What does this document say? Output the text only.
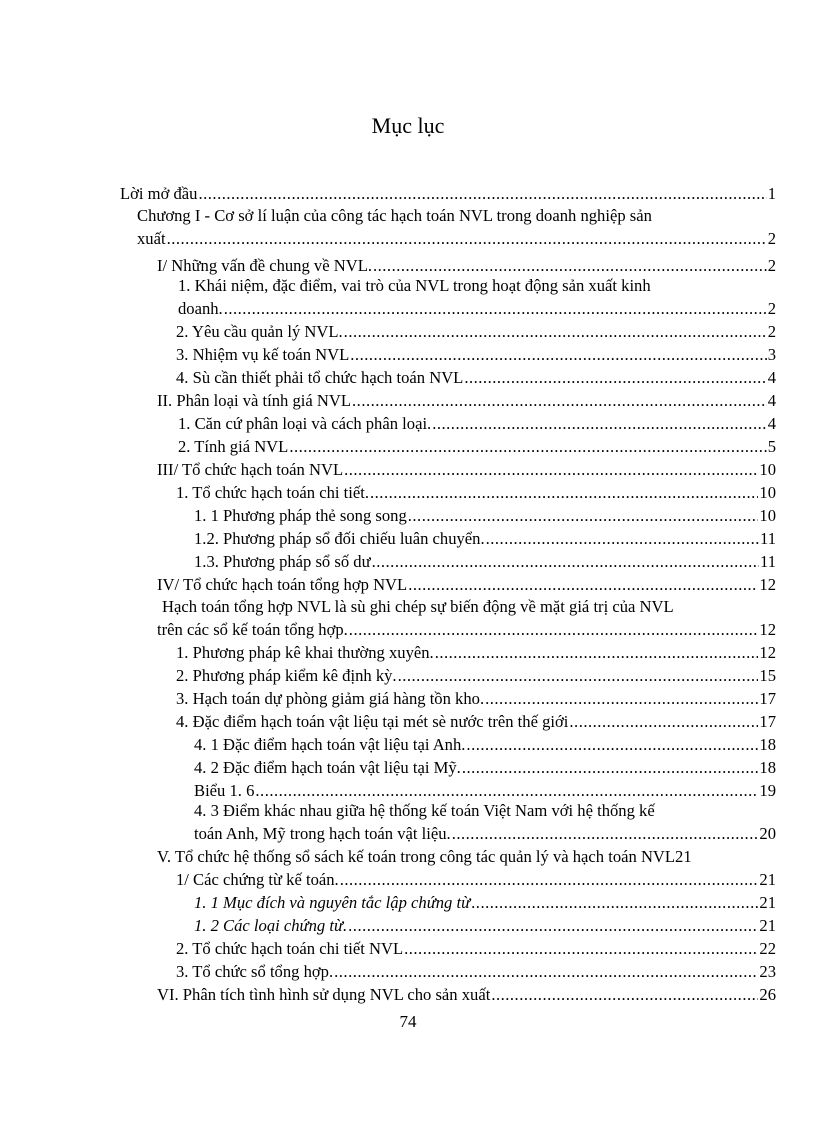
Mục lục
Lời mở đầu .....	1
Chương I - Cơ sở lí luận của công tác hạch toán NVL trong doanh nghiệp sản
xuất .....	2
I/ Những vấn đề chung về NVL. .....	2
1. Khái niệm, đặc điểm, vai trò của NVL trong hoạt động sản xuất kinh
doanh. .....	2
2. Yêu cầu quản lý NVL. .....	2
3. Nhiệm vụ kế toán NVL .....	3
4. Sù cần thiết phải tổ chức hạch toán NVL .....	4
II. Phân loại và tính giá NVL .....	4
1. Căn cứ phân loại và cách phân loại. .....	4
2. Tính giá NVL .....	5
III/ Tổ chức hạch toán NVL .....	10
1. Tổ chức hạch toán chi tiết. .....	10
1. 1 Phương pháp thẻ song song .....	10
1.2. Phương pháp sổ đối chiếu luân chuyển. .....	11
1.3. Phương pháp sổ số dư .....	11
IV/ Tổ chức hạch toán tổng hợp NVL .....	12
Hạch toán tổng hợp NVL là sù ghi chép sự biến động về mặt giá trị của NVL
trên các sổ kế toán tổng hợp. .....	12
1. Phương pháp kê khai thường xuyên. .....	12
2. Phương pháp kiểm kê định kỳ. .....	15
3. Hạch toán dự phòng giảm giá hàng tồn kho. .....	17
4. Đặc điểm hạch toán vật liệu tại mét sè nước trên thế giới .....	17
4. 1 Đặc điểm hạch toán vật liệu tại Anh. .....	18
4. 2 Đặc điểm hạch toán vật liệu tại Mỹ. .....	18
Biểu 1. 6 .....	19
4. 3 Điểm khác nhau giữa hệ thống kế toán Việt Nam với hệ thống kế
toán Anh, Mỹ trong hạch toán vật liệu. .....	20
V. Tổ chức hệ thống sổ sách kế toán trong công tác quản lý và hạch toán NVL 21
1/ Các chứng từ kế toán. .....	21
1. 1 Mục đích và nguyên tắc lập chứng từ .....	21
1. 2 Các loại chứng từ. .....	21
2. Tổ chức hạch toán chi tiết NVL .....	22
3. Tổ chức sổ tổng hợp. .....	23
VI. Phân tích tình hình sử dụng NVL cho sản xuất .....	26
74
